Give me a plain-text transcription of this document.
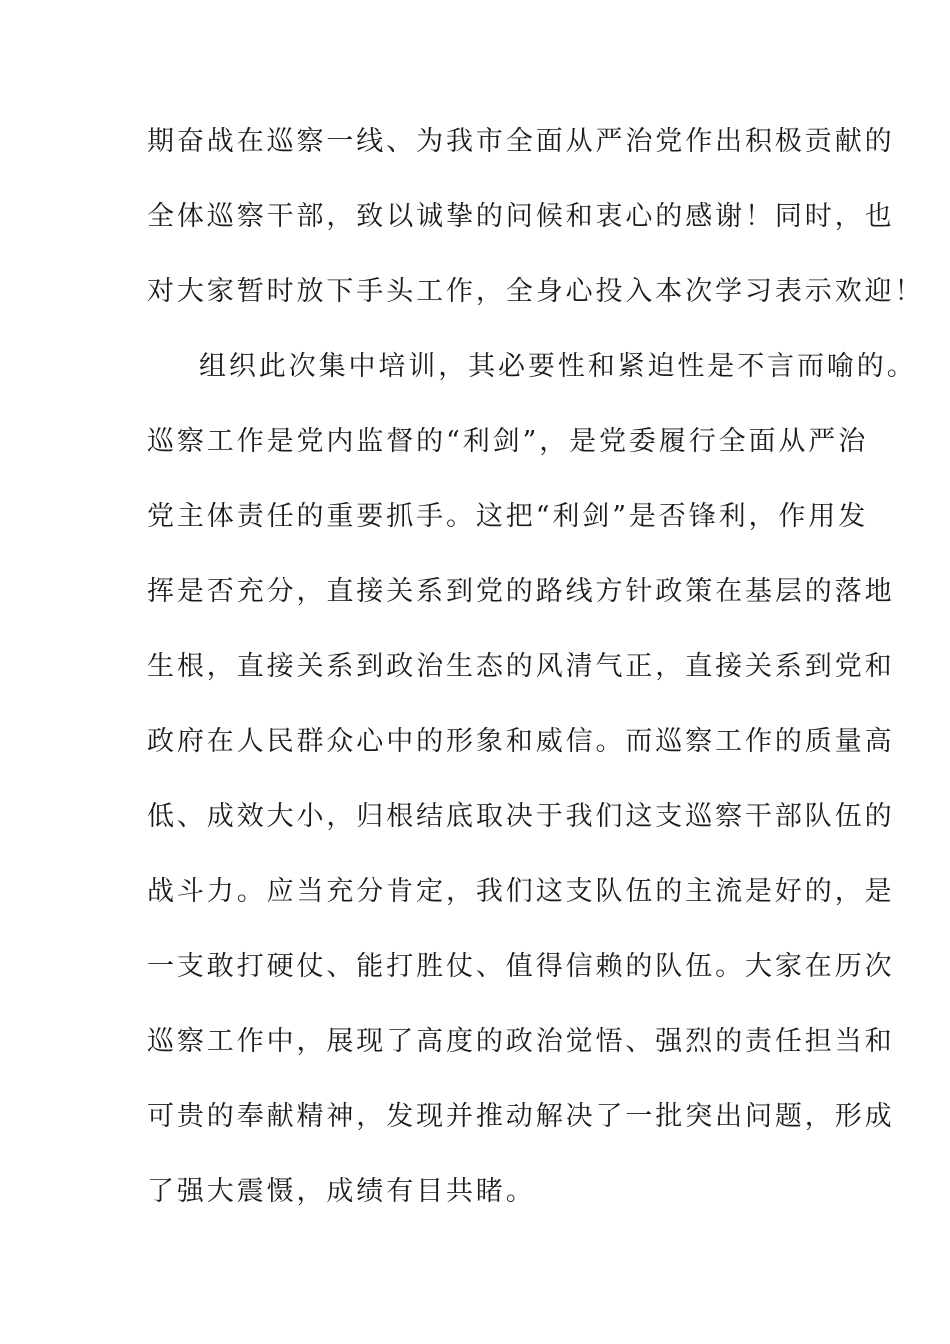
期奋战在巡察一线、为我市全面从严治党作出积极贡献的

全体巡察干部，致以诚挚的问候和衷心的感谢！同时，也

对大家暂时放下手头工作，全身心投入本次学习表示欢迎！

组织此次集中培训，其必要性和紧迫性是不言而喻的。

巡察工作是党内监督的“利剑”，是党委履行全面从严治

党主体责任的重要抓手。这把“利剑”是否锋利，作用发

挥是否充分，直接关系到党的路线方针政策在基层的落地

生根，直接关系到政治生态的风清气正，直接关系到党和

政府在人民群众心中的形象和威信。而巡察工作的质量高

低、成效大小，归根结底取决于我们这支巡察干部队伍的

战斗力。应当充分肯定，我们这支队伍的主流是好的，是

一支敢打硬仗、能打胜仗、值得信赖的队伍。大家在历次

巡察工作中，展现了高度的政治觉悟、强烈的责任担当和

可贵的奉献精神，发现并推动解决了一批突出问题，形成

了强大震慑，成绩有目共睹。
